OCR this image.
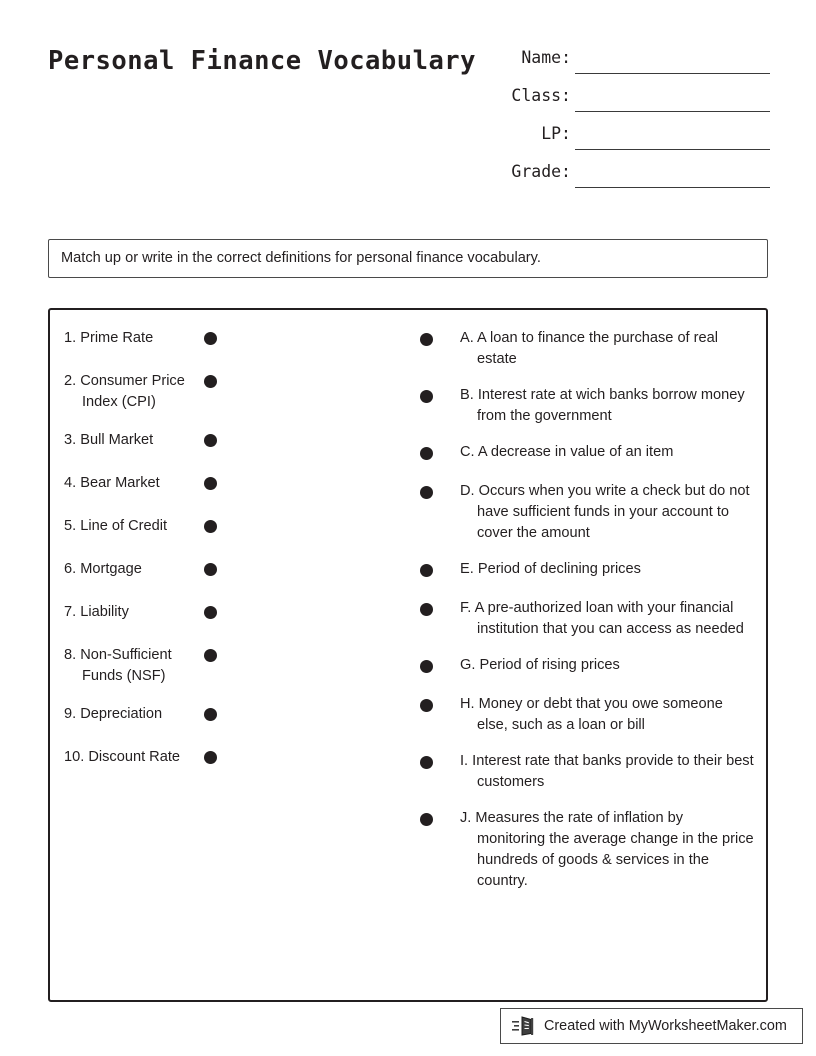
Personal Finance Vocabulary	Name:
Class:
LP:
Grade:
Match up or write in the correct definitions for personal finance vocabulary.
1. Prime Rate
2. Consumer Price Index (CPI)
3. Bull Market
4. Bear Market
5. Line of Credit
6. Mortgage
7. Liability
8. Non-Sufficient Funds (NSF)
9. Depreciation
10. Discount Rate
A. A loan to finance the purchase of real estate
B. Interest rate at wich banks borrow money from the government
C. A decrease in value of an item
D. Occurs when you write a check but do not have sufficient funds in your account to cover the amount
E. Period of declining prices
F. A pre-authorized loan with your financial institution that you can access as needed
G. Period of rising prices
H. Money or debt that you owe someone else, such as a loan or bill
I. Interest rate that banks provide to their best customers
J. Measures the rate of inflation by monitoring the average change in the price hundreds of goods & services in the country.
Created with MyWorksheetMaker.com
